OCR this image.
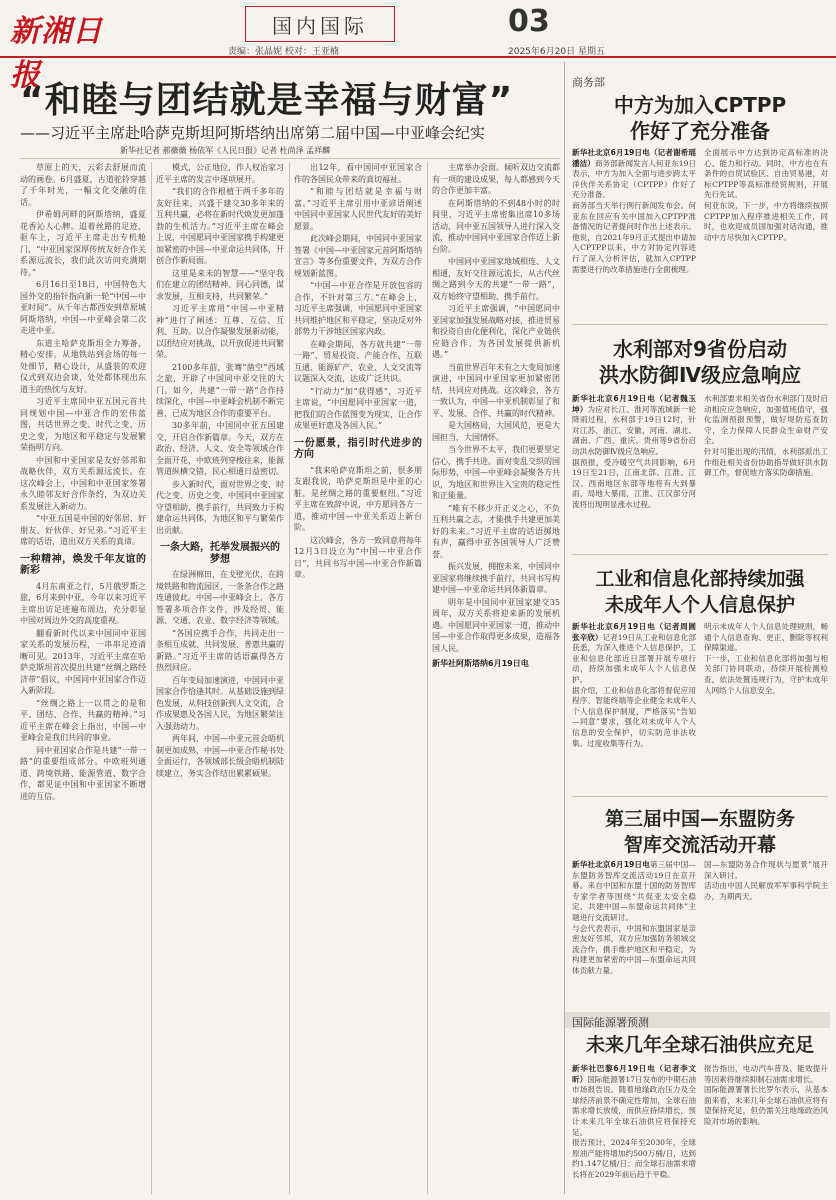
新湘日报
国内国际
责编：张晶妮 校对：王亚楠
03
2025年6月20日 星期五
“和睦与团结就是幸福与财富”
——习近平主席赴哈萨克斯坦阿斯塔纳出席第二届中国—中亚峰会纪实
新华社记者 郝薇薇 杨依军《人民日报》记者 杜尚泽 孟祥麟

草原上的天，云彩去舒展而流动的画卷。6月盛夏，古道驼铃穿越了千年时光，一幅文化交融的佳话。

伊希姆河畔的阿斯塔纳，盛夏花香沁人心脾。追着丝路的足迹，驱车上，习近平主席走出专机舱门，“中亚国家深厚传统友好合作关系源远流长，我们此次访问充满期待。”

6月16日至18日，中国特色大国外交的指针指向新一轮“中国—中亚时间”。从千年古都西安到草原城阿斯塔纳，中国—中亚峰会第二次走进中亚。

东道主哈萨克斯坦全力筹备，精心安排，从地铁站到会场的每一处细节，精心设计，从盛装的欢迎仪式到双边会谈，处处都体现出东道主的热忱与友好。

习近平主席同中亚五国元首共同规划中国—中亚合作的宏伟蓝图，共话世界之变、时代之变、历史之变，为地区和平稳定与发展繁荣指明方向。

中国和中亚国家是友好邻邦和战略伙伴，双方关系源远流长。在这次峰会上，中国和中亚国家签署永久睦邻友好合作条约，为双边关系发展注入新动力。

“中亚五国是中国的好邻居、好朋友、好伙伴、好兄弟。”习近平主席的话语，道出双方关系的真谛。

一种精神，焕发千年友谊的新彩

4月东南亚之行，5月俄罗斯之旅，6月来到中亚，今年以来习近平主席出访足迹遍布周边，充分彰显中国对周边外交的高度重视。

翻看新时代以来中国同中亚国家关系的发展历程，一串串足迹清晰可见。2013年，习近平主席在哈萨克斯坦首次提出共建“丝绸之路经济带”倡议，中国同中亚国家合作迈入新阶段。

“丝绸之路上一以贯之的是和平、团结、合作、共赢的精神。”习近平主席在峰会上指出，中国—中亚峰会是我们共同的事业。

同中亚国家合作是共建“一带一路”的重要组成部分。中欧班列通道、跨境铁路、能源管道、数字合作，都见证中国和中亚国家不断增进的互信。

模式，公正地位，作人权治家习近平主席的发言中逐项展开。

“我们的合作根植于两千多年的友好往来，兴盛于建交30多年来的互利共赢，必将在新时代焕发更加蓬勃的生机活力。”习近平主席在峰会上说，中国愿同中亚国家携手构建更加紧密的中国—中亚命运共同体，开创合作新局面。

这里是来未的智慧——“坚守我们在建立的团结精神、同心同德，谋求发展，互相支持，共同繁荣。”

习近平主席用“中国—中亚精神”进行了阐述：互尊、互信、互利、互助。以合作凝聚发展新动能，以团结应对挑战，以开放促进共同繁荣。

2100多年前，张骞“凿空”西域之旅，开辟了中国同中亚交往的大门。如今，共建“一带一路”合作持续深化，中国—中亚峰会机制不断完善，已成为地区合作的重要平台。

30多年前，中国同中亚五国建交，开启合作新篇章。今天，双方在政治、经济、人文、安全等领域合作全面开花，中欧班列穿梭往来，能源管道纵横交错，民心相通日益密切。

步入新时代，面对世界之变、时代之变、历史之变，中国同中亚国家守望相助、携手前行，共同致力于构建命运共同体，为地区和平与繁荣作出贡献。

一条大路，托举发展振兴的梦想

在绿洲棉田，在戈壁光伏，在跨境铁路和物流园区，一条条合作之路连通彼此。中国—中亚峰会上，各方签署多项合作文件，涉及经贸、能源、交通、农业、数字经济等领域。

“各国应携手合作，共同走出一条相互成就、共同发展、普惠共赢的新路。”习近平主席的话语赢得各方热烈回应。

百年变局加速演进，中国同中亚国家合作恰逢其时。从基础设施到绿色发展，从科技创新到人文交流，合作成果惠及各国人民，为地区繁荣注入强劲动力。

两年间，中国—中亚元首会晤机制更加成熟，中国—中亚合作秘书处全面运行，各领域部长级会晤机制陆续建立，务实合作结出累累硕果。

出12年，看中国同中亚国家合作的各国民众带来的真切福祉。

“和睦与团结就是幸福与财富。”习近平主席引用中亚谚语阐述中国同中亚国家人民世代友好的美好愿景。

此次峰会期间，中国同中亚国家签署《中国—中亚国家元首阿斯塔纳宣言》等多份重要文件，为双方合作规划新蓝图。

“中国—中亚合作是开放包容的合作，不针对第三方。”在峰会上，习近平主席强调，中国愿同中亚国家共同维护地区和平稳定，坚决反对外部势力干涉地区国家内政。

在峰会期间，各方就共建“一带一路”、贸易投资、产能合作、互联互通、能源矿产、农业、人文交流等议题深入交流，达成广泛共识。

“行动力”加“获得感”，习近平主席说，“中国愿同中亚国家一道，把我们的合作蓝图变为现实，让合作成果更好惠及各国人民。”

一份愿景，指引时代进步的方向

“我来哈萨克斯坦之前，很多朋友跟我说，哈萨克斯坦是中亚的心脏，是丝绸之路的重要枢纽。”习近平主席在致辞中说，中方愿同各方一道，推动中国—中亚关系迈上新台阶。

这次峰会，各方一致同意将每年12月3日设立为“中国—中亚合作日”，共同书写中国—中亚合作新篇章。

主席举办会面。倾听双边交流都有一项的建设成果，每人都感到今天的合作更加丰富。

在阿斯塔纳的不到48小时的时间里，习近平主席密集出席10多场活动，同中亚五国领导人进行深入交流，推动中国同中亚国家合作迈上新台阶。

中国同中亚国家地域相连、人文相通，友好交往源远流长，从古代丝绸之路到今天的共建“一带一路”，双方始终守望相助、携手前行。

习近平主席强调，“中国愿同中亚国家加强发展战略对接，推进贸易和投资自由化便利化，深化产业链供应链合作，为各国发展提供新机遇。”

当前世界百年未有之大变局加速演进，中国同中亚国家更加紧密团结，共同应对挑战。这次峰会，各方一致认为，中国—中亚机制彰显了和平、发展、合作、共赢的时代精神。

是大国格局，大国风范，更是大国担当，大国情怀。

当今世界不太平，我们更要坚定信心，携手共进。面对变乱交织的国际形势，中国—中亚峰会凝聚各方共识，为地区和世界注入宝贵的稳定性和正能量。

“唯有不移少开正义之心，不负互利共赢之志，才能携手共建更加美好的未来。”习近平主席的话语掷地有声，赢得中亚各国领导人广泛赞誉。

振兴发展，拥抱未来，中国同中亚国家将继续携手前行，共同书写构建中国—中亚命运共同体新篇章。

明年是中国同中亚国家建交35周年，双方关系将迎来新的发展机遇。中国愿同中亚国家一道，推动中国—中亚合作取得更多成果，造福各国人民。

新华社阿斯塔纳6月19日电

商务部
中方为加入CPTPP
作好了充分准备
新华社北京6月19日电（记者谢希瑶 潘洁）商务部新闻发言人何亚东19日表示，中方为加入全面与进步跨太平洋伙伴关系协定（CPTPP）作好了充分准备。
商务部当天举行例行新闻发布会。何亚东在回应有关中国加入CPTPP准备情况的记者提问时作出上述表示。他说，自2021年9月正式提出申请加入CPTPP以来，中方对协定内容进行了深入分析评估，就加入CPTPP需要进行的改革措施进行全面梳理。
全面展示中方达到协定高标准的决心、能力和行动。同时，中方也在有条件的自贸试验区、自由贸易港，对标CPTPP等高标准经贸规则，开展先行先试。
何亚东说，下一步，中方将继续按照CPTPP加入程序推进相关工作，同时，也欢迎成员国加强对话沟通，推动中方尽快加入CPTPP。
水利部对9省份启动
洪水防御Ⅳ级应急响应
新华社北京6月19日电（记者魏玉坤）为应对长江、淮河等流域新一轮降雨过程，水利部于19日12时，针对江苏、浙江、安徽、河南、湖北、湖南、广西、重庆、贵州等9省份启动洪水防御Ⅳ级应急响应。
据预报，受冷暖空气共同影响，6月19日至21日，江南北部、江淮、江汉、西南地区东部等地将有大到暴雨，局地大暴雨，江淮、江汉部分河流将出现明显涨水过程。
水利部要求相关省份水利部门及时启动相应应急响应，加强值班值守，强化监测预报预警，做好堤防巡查防守，全力保障人民群众生命财产安全。
针对可能出现的汛情，水利部派出工作组赴相关省份协助指导做好洪水防御工作，督促地方落实防御措施。
工业和信息化部持续加强
未成年人个人信息保护
新华社北京6月19日电（记者周圆 张辛欣）记者19日从工业和信息化部获悉，为深入推进个人信息保护，工业和信息化部近日部署开展专项行动，持续加强未成年人个人信息保护。
据介绍，工业和信息化部将督促应用程序、智能终端等企业健全未成年人个人信息保护制度，严格落实“告知—同意”要求，强化对未成年人个人信息的安全保护，切实防范非法收集、过度收集等行为。
明示未成年人个人信息处理规则，畅通个人信息查询、更正、删除等权利保障渠道。
下一步，工业和信息化部将加强与相关部门协同联动，持续开展检测检查，依法处置违规行为，守护未成年人网络个人信息安全。
第三届中国—东盟防务
智库交流活动开幕
新华社北京6月19日电第三届中国—东盟防务智库交流活动19日在京开幕。来自中国和东盟十国的防务智库专家学者等围绕“共促亚太安全稳定、共建中国—东盟命运共同体”主题进行交流研讨。
与会代表表示，中国和东盟国家是亲密友好邻邦，双方应加强防务领域交流合作，携手维护地区和平稳定，为构建更加紧密的中国—东盟命运共同体贡献力量。
国—东盟防务合作现状与愿景”展开深入研讨。
活动由中国人民解放军军事科学院主办，为期两天。
国际能源署预测
未来几年全球石油供应充足
新华社巴黎6月19日电（记者李文昕）国际能源署17日发布的中期石油市场报告说，随着地缘政治压力及全球经济前景不确定性增加，全球石油需求增长放缓，而供应持续增长，预计未来几年全球石油供应将保持充足。
报告预计，2024年至2030年，全球原油产能将增加约500万桶/日，达到约1.147亿桶/日；而全球石油需求增长将在2029年前后趋于平稳。
报告指出，电动汽车普及、能效提升等因素将继续抑制石油需求增长。
国际能源署署长比罗尔表示，从基本面来看，未来几年全球石油供应将有望保持充足，但仍需关注地缘政治风险对市场的影响。
